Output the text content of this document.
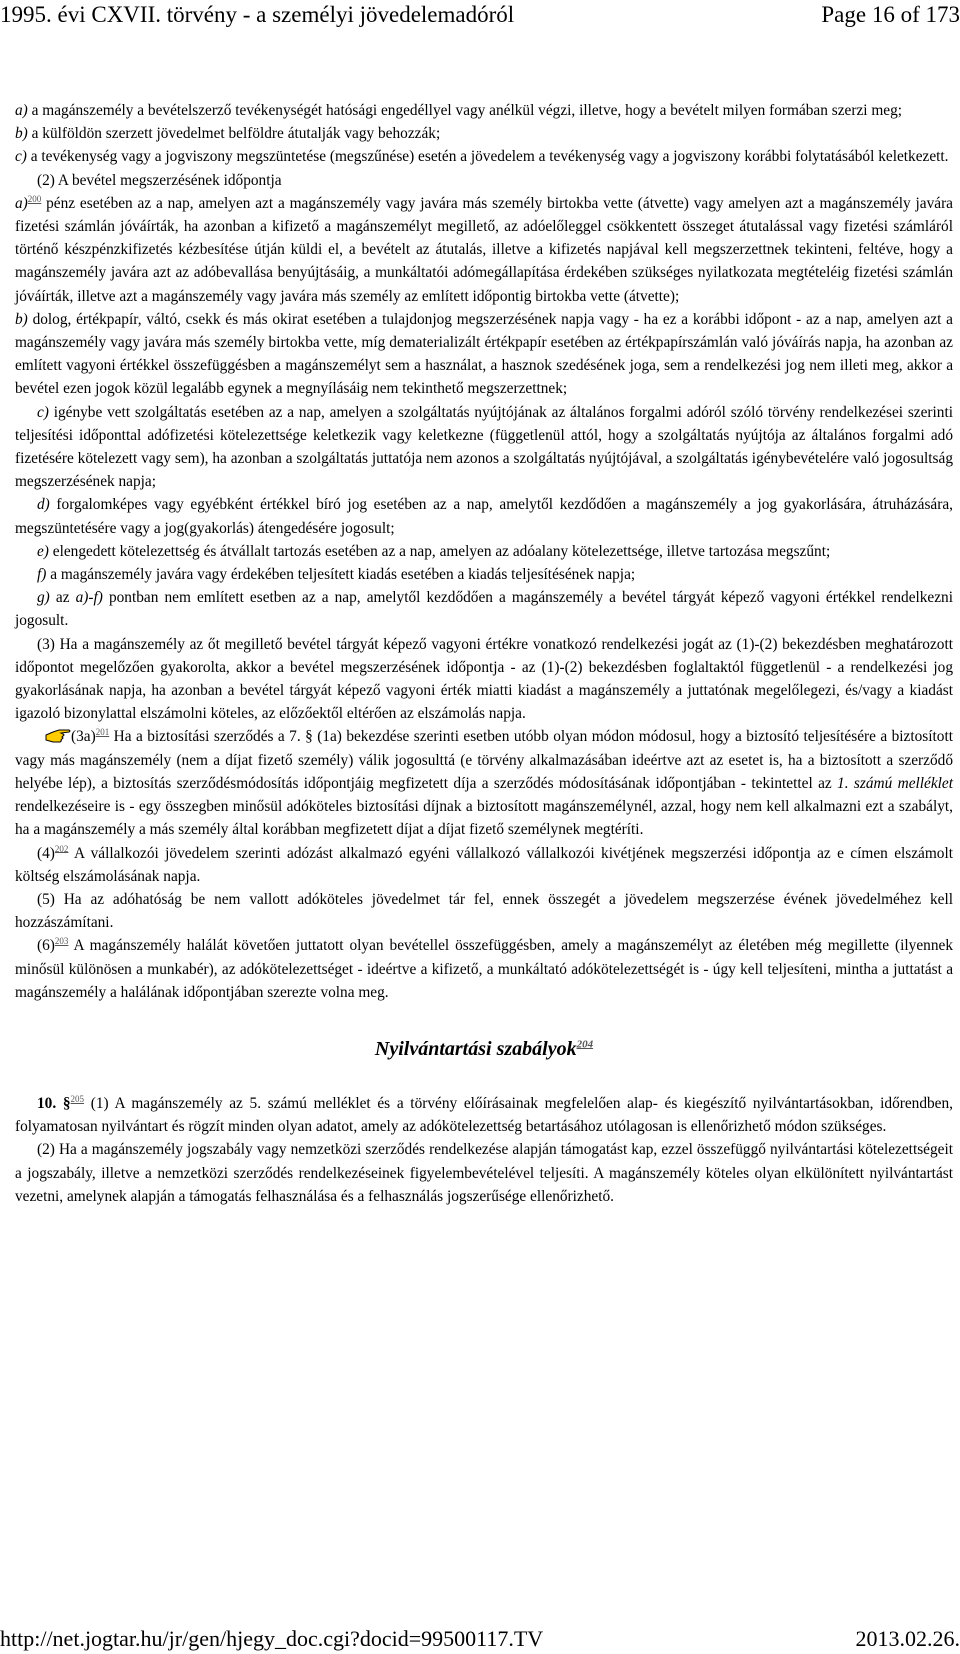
1995. évi CXVII. törvény - a személyi jövedelemadóról	Page 16 of 173

a) a magánszemély a bevételszerző tevékenységét hatósági engedéllyel vagy anélkül végzi, illetve, hogy a bevételt milyen formában szerzi meg;

b) a külföldön szerzett jövedelmet belföldre átutalják vagy behozzák;

c) a tevékenység vagy a jogviszony megszüntetése (megszűnése) esetén a jövedelem a tevékenység vagy a jogviszony korábbi folytatásából keletkezett.

(2) A bevétel megszerzésének időpontja

a)$^{200}$ pénz esetében az a nap, amelyen azt a magánszemély vagy javára más személy birtokba vette (átvette) vagy amelyen azt a magánszemély javára fizetési számlán jóváírták, ha azonban a kifizető a magánszemélyt megillető, az adóelőleggel csökkentett összeget átutalással vagy fizetési számláról történő készpénzkifizetés kézbesítése útján küldi el, a bevételt az átutalás, illetve a kifizetés napjával kell megszerzettnek tekinteni, feltéve, hogy a magánszemély javára azt az adóbevallása benyújtásáig, a munkáltatói adómegállapítása érdekében szükséges nyilatkozata megtételéig fizetési számlán jóváírták, illetve azt a magánszemély vagy javára más személy az említett időpontig birtokba vette (átvette);

b) dolog, értékpapír, váltó, csekk és más okirat esetében a tulajdonjog megszerzésének napja vagy - ha ez a korábbi időpont - az a nap, amelyen azt a magánszemély vagy javára más személy birtokba vette, míg dematerializált értékpapír esetében az értékpapírszámlán való jóváírás napja, ha azonban az említett vagyoni értékkel összefüggésben a magánszemélyt sem a használat, a hasznok szedésének joga, sem a rendelkezési jog nem illeti meg, akkor a bevétel ezen jogok közül legalább egynek a megnyílásáig nem tekinthető megszerzettnek;

c) igénybe vett szolgáltatás esetében az a nap, amelyen a szolgáltatás nyújtójának az általános forgalmi adóról szóló törvény rendelkezései szerinti teljesítési időponttal adófizetési kötelezettsége keletkezik vagy keletkezne (függetlenül attól, hogy a szolgáltatás nyújtója az általános forgalmi adó fizetésére kötelezett vagy sem), ha azonban a szolgáltatás juttatója nem azonos a szolgáltatás nyújtójával, a szolgáltatás igénybevételére való jogosultság megszerzésének napja;

d) forgalomképes vagy egyébként értékkel bíró jog esetében az a nap, amelytől kezdődően a magánszemély a jog gyakorlására, átruházására, megszüntetésére vagy a jog(gyakorlás) átengedésére jogosult;

e) elengedett kötelezettség és átvállalt tartozás esetében az a nap, amelyen az adóalany kötelezettsége, illetve tartozása megszűnt;

f) a magánszemély javára vagy érdekében teljesített kiadás esetében a kiadás teljesítésének napja;

g) az a)-f) pontban nem említett esetben az a nap, amelytől kezdődően a magánszemély a bevétel tárgyát képező vagyoni értékkel rendelkezni jogosult.

(3) Ha a magánszemély az őt megillető bevétel tárgyát képező vagyoni értékre vonatkozó rendelkezési jogát az (1)-(2) bekezdésben meghatározott időpontot megelőzően gyakorolta, akkor a bevétel megszerzésének időpontja - az (1)-(2) bekezdésben foglaltaktól függetlenül - a rendelkezési jog gyakorlásának napja, ha azonban a bevétel tárgyát képező vagyoni érték miatti kiadást a magánszemély a juttatónak megelőlegezi, és/vagy a kiadást igazoló bizonylattal elszámolni köteles, az előzőektől eltérően az elszámolás napja.

(3a)$^{201}$ Ha a biztosítási szerződés a 7. § (1a) bekezdése szerinti esetben utóbb olyan módon módosul, hogy a biztosító teljesítésére a biztosított vagy más magánszemély (nem a díjat fizető személy) válik jogosulttá (e törvény alkalmazásában ideértve azt az esetet is, ha a biztosított a szerződő helyébe lép), a biztosítás szerződésmódosítás időpontjáig megfizetett díja a szerződés módosításának időpontjában - tekintettel az 1. számú melléklet rendelkezéseire is - egy összegben minősül adóköteles biztosítási díjnak a biztosított magánszemélynél, azzal, hogy nem kell alkalmazni ezt a szabályt, ha a magánszemély a más személy által korábban megfizetett díjat a díjat fizető személynek megtéríti.

(4)$^{202}$ A vállalkozói jövedelem szerinti adózást alkalmazó egyéni vállalkozó vállalkozói kivétjének megszerzési időpontja az e címen elszámolt költség elszámolásának napja.

(5) Ha az adóhatóság be nem vallott adóköteles jövedelmet tár fel, ennek összegét a jövedelem megszerzése évének jövedelméhez kell hozzászámítani.

(6)$^{203}$ A magánszemély halálát követően juttatott olyan bevétellel összefüggésben, amely a magánszemélyt az életében még megillette (ilyennek minősül különösen a munkabér), az adókötelezettséget - ideértve a kifizető, a munkáltató adókötelezettségét is - úgy kell teljesíteni, mintha a juttatást a magánszemély a halálának időpontjában szerezte volna meg.

Nyilvántartási szabályok$^{204}$

10. §$^{205}$ (1) A magánszemély az 5. számú melléklet és a törvény előírásainak megfelelően alap- és kiegészítő nyilvántartásokban, időrendben, folyamatosan nyilvántart és rögzít minden olyan adatot, amely az adókötelezettség betartásához utólagosan is ellenőrizhető módon szükséges.

(2) Ha a magánszemély jogszabály vagy nemzetközi szerződés rendelkezése alapján támogatást kap, ezzel összefüggő nyilvántartási kötelezettségeit a jogszabály, illetve a nemzetközi szerződés rendelkezéseinek figyelembevételével teljesíti. A magánszemély köteles olyan elkülönített nyilvántartást vezetni, amelynek alapján a támogatás felhasználása és a felhasználás jogszerűsége ellenőrizhető.

http://net.jogtar.hu/jr/gen/hjegy_doc.cgi?docid=99500117.TV	2013.02.26.
